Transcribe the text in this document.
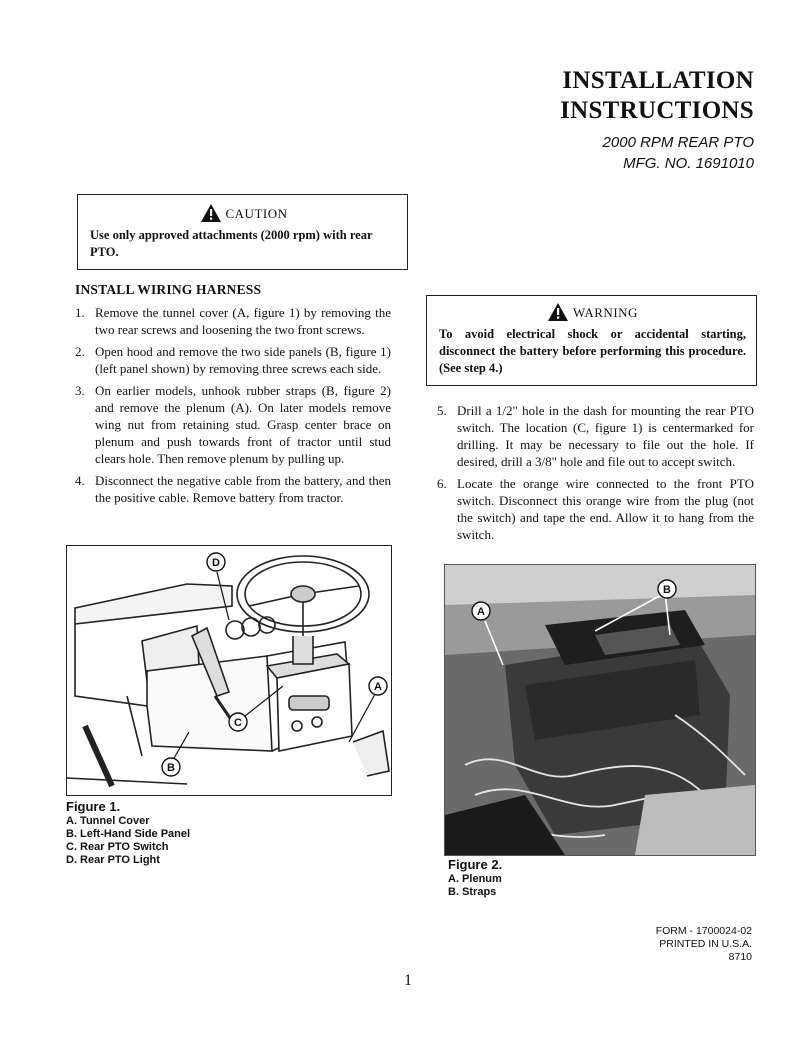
INSTALLATION
INSTRUCTIONS
2000 RPM REAR PTO
MFG. NO. 1691010
CAUTION
Use only approved attachments (2000 rpm) with rear PTO.
WARNING
To avoid electrical shock or accidental starting, disconnect the battery before performing this procedure. (See step 4.)
INSTALL WIRING HARNESS
1. Remove the tunnel cover (A, figure 1) by removing the two rear screws and loosening the two front screws.
2. Open hood and remove the two side panels (B, figure 1) (left panel shown) by removing three screws each side.
3. On earlier models, unhook rubber straps (B, figure 2) and remove the plenum (A). On later models remove wing nut from retaining stud. Grasp center brace on plenum and push towards front of tractor until stud clears hole. Then remove plenum by pulling up.
4. Disconnect the negative cable from the battery, and then the positive cable. Remove battery from tractor.
5. Drill a 1/2" hole in the dash for mounting the rear PTO switch. The location (C, figure 1) is centermarked for drilling. It may be necessary to file out the hole. If desired, drill a 3/8" hole and file out to accept switch.
6. Locate the orange wire connected to the front PTO switch. Disconnect this orange wire from the plug (not the switch) and tape the end. Allow it to hang from the switch.
D
C
A
B
Figure 1.
A. Tunnel Cover
B. Left-Hand Side Panel
C. Rear PTO Switch
D. Rear PTO Light
B
A
Figure 2.
A. Plenum
B. Straps
FORM - 1700024-02
PRINTED IN U.S.A.
8710
1
